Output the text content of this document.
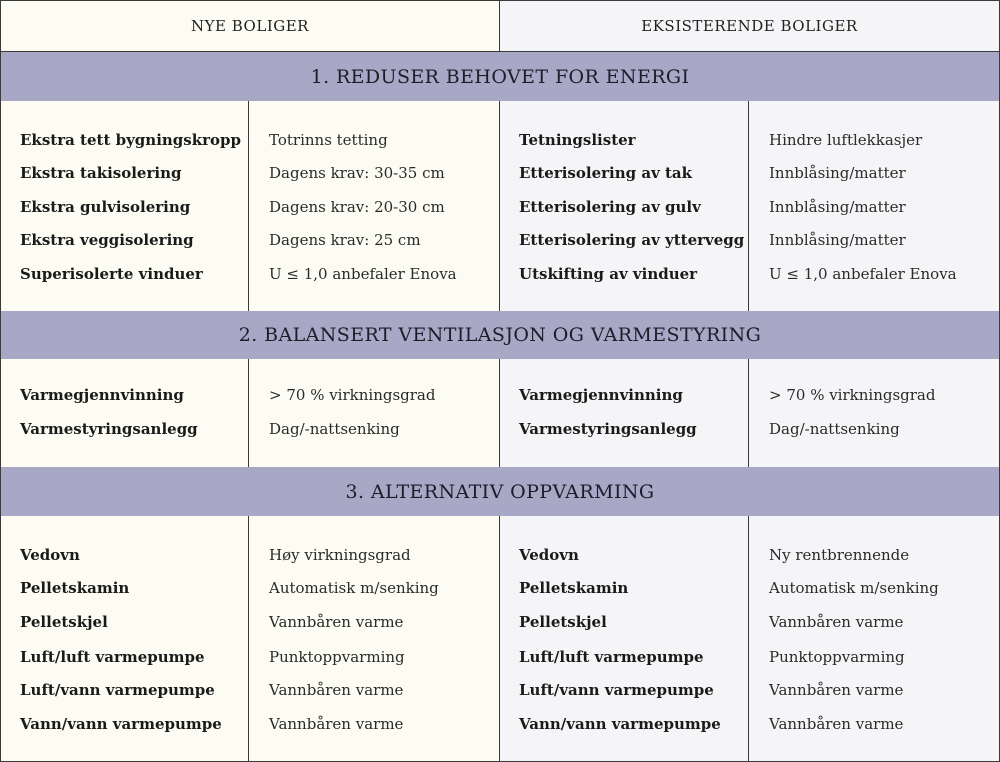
NYE BOLIGER	EKSISTERENDE BOLIGER
1. REDUSER BEHOVET FOR ENERGI
Ekstra tett bygningskropp
Ekstra takisolering
Ekstra gulvisolering
Ekstra veggisolering
Superisolerte vinduer
Totrinns tetting
Dagens krav: 30-35 cm
Dagens krav: 20-30 cm
Dagens krav: 25 cm
U ≤ 1,0 anbefaler Enova
Tetningslister
Etterisolering av tak
Etterisolering av gulv
Etterisolering av yttervegg
Utskifting av vinduer
Hindre luftlekkasjer
Innblåsing/matter
Innblåsing/matter
Innblåsing/matter
U ≤ 1,0 anbefaler Enova
2. BALANSERT VENTILASJON OG VARMESTYRING
Varmegjennvinning
Varmestyringsanlegg
> 70 % virkningsgrad
Dag/-nattsenking
Varmegjennvinning
Varmestyringsanlegg
> 70 % virkningsgrad
Dag/-nattsenking
3. ALTERNATIV OPPVARMING
Vedovn
Pelletskamin
Pelletskjel
Luft/luft varmepumpe
Luft/vann varmepumpe
Vann/vann varmepumpe
Høy virkningsgrad
Automatisk m/senking
Vannbåren varme
Punktoppvarming
Vannbåren varme
Vannbåren varme
Vedovn
Pelletskamin
Pelletskjel
Luft/luft varmepumpe
Luft/vann varmepumpe
Vann/vann varmepumpe
Ny rentbrennende
Automatisk m/senking
Vannbåren varme
Punktoppvarming
Vannbåren varme
Vannbåren varme
